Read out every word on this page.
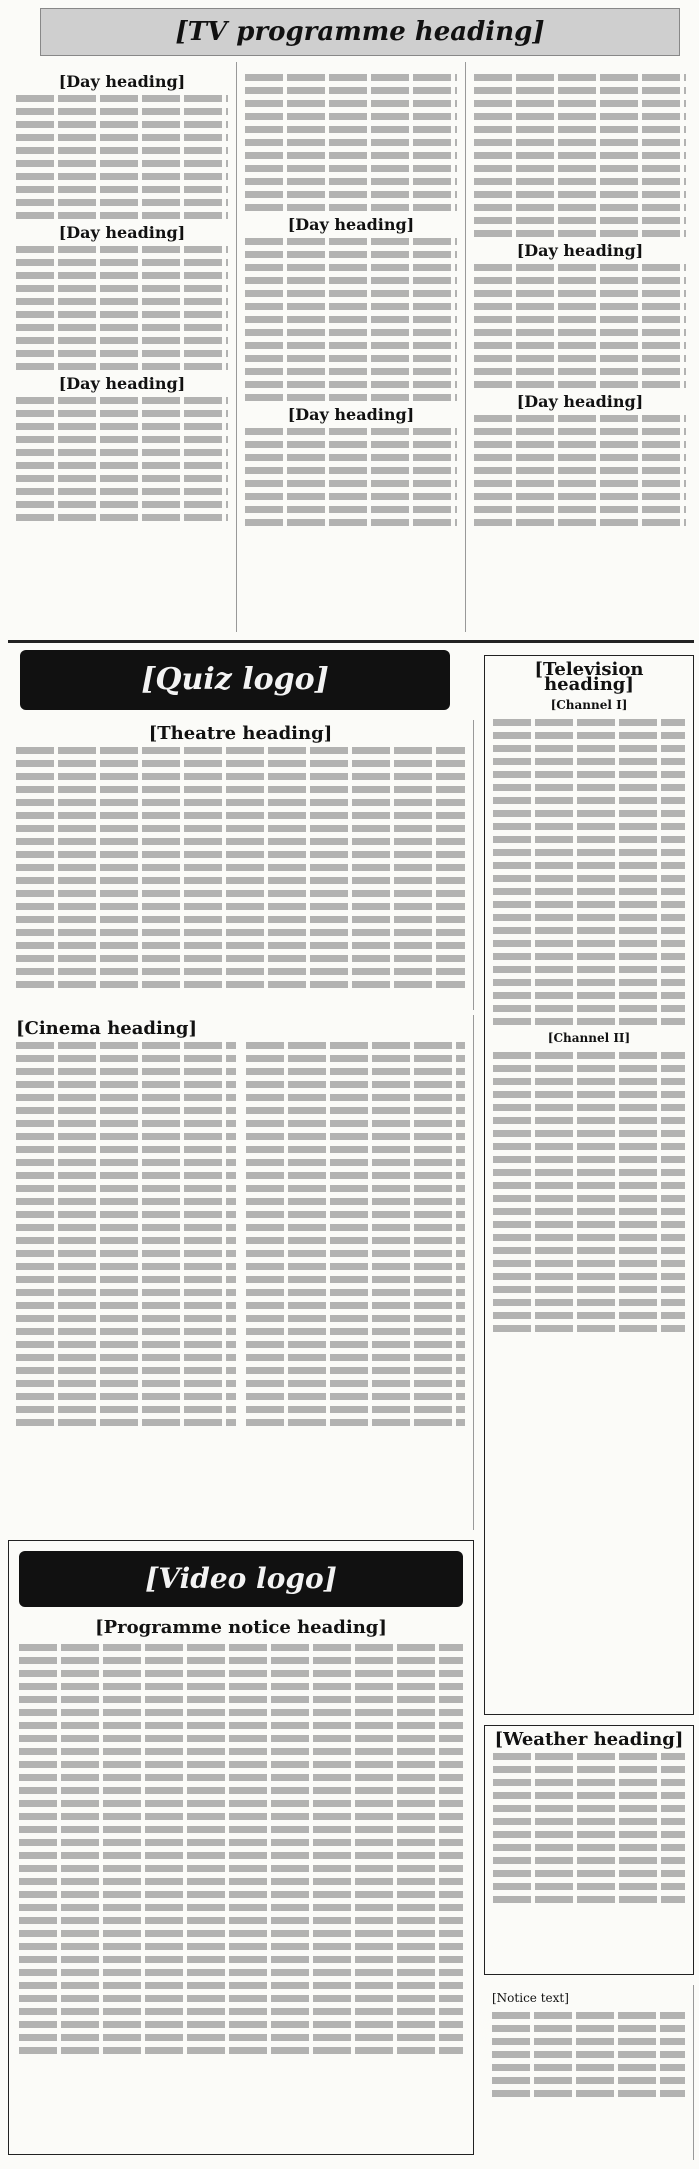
[TV programme heading]
[Day heading]
[Day heading]
[Day heading]
[Day heading]
[Day heading]
[Day heading]
[Day heading]
[Quiz logo]
[Theatre heading]
[Cinema heading]
[Television heading]
[Channel I]
[Channel II]
[Video logo]
[Programme notice heading]
[Weather heading]
[Notice text]
